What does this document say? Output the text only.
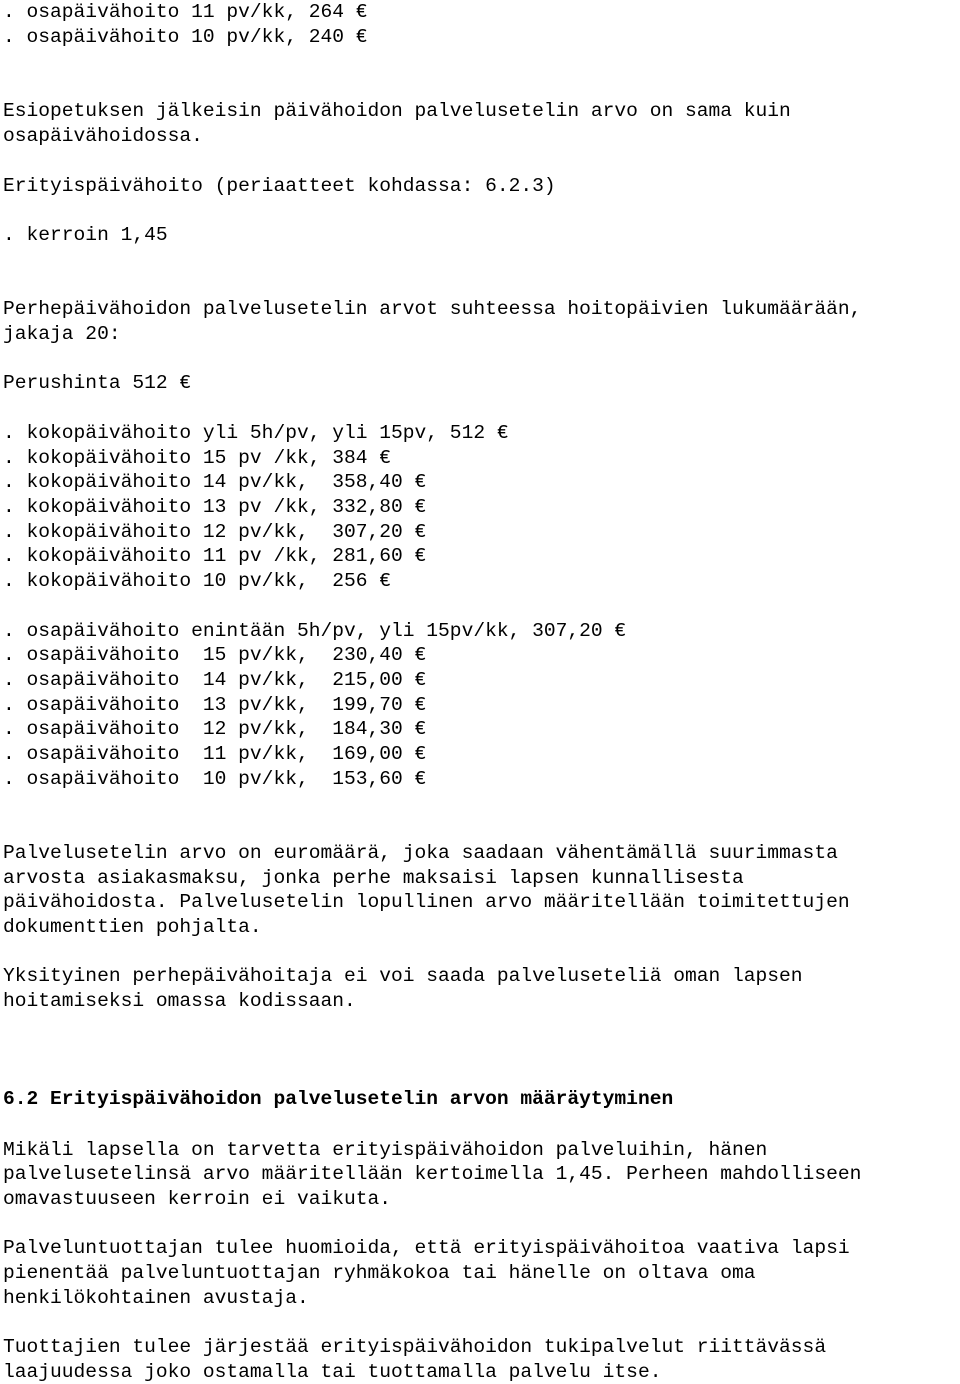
. osapäivähoito 11 pv/kk, 264 €
. osapäivähoito 10 pv/kk, 240 €
Esiopetuksen jälkeisin päivähoidon palvelusetelin arvo on sama kuin
osapäivähoidossa.
Erityispäivähoito (periaatteet kohdassa: 6.2.3)
. kerroin 1,45
Perhepäivähoidon palvelusetelin arvot suhteessa hoitopäivien lukumäärään,
jakaja 20:
Perushinta 512 €
. kokopäivähoito yli 5h/pv, yli 15pv, 512 €
. kokopäivähoito 15 pv /kk, 384 €
. kokopäivähoito 14 pv/kk,  358,40 €
. kokopäivähoito 13 pv /kk, 332,80 €
. kokopäivähoito 12 pv/kk,  307,20 €
. kokopäivähoito 11 pv /kk, 281,60 €
. kokopäivähoito 10 pv/kk,  256 €
. osapäivähoito enintään 5h/pv, yli 15pv/kk, 307,20 €
. osapäivähoito  15 pv/kk,  230,40 €
. osapäivähoito  14 pv/kk,  215,00 €
. osapäivähoito  13 pv/kk,  199,70 €
. osapäivähoito  12 pv/kk,  184,30 €
. osapäivähoito  11 pv/kk,  169,00 €
. osapäivähoito  10 pv/kk,  153,60 €
Palvelusetelin arvo on euromäärä, joka saadaan vähentämällä suurimmasta
arvosta asiakasmaksu, jonka perhe maksaisi lapsen kunnallisesta
päivähoidosta. Palvelusetelin lopullinen arvo määritellään toimitettujen
dokumenttien pohjalta.
Yksityinen perhepäivähoitaja ei voi saada palveluseteliä oman lapsen
hoitamiseksi omassa kodissaan.
6.2 Erityispäivähoidon palvelusetelin arvon määräytyminen
Mikäli lapsella on tarvetta erityispäivähoidon palveluihin, hänen
palvelusetelinsä arvo määritellään kertoimella 1,45. Perheen mahdolliseen
omavastuuseen kerroin ei vaikuta.
Palveluntuottajan tulee huomioida, että erityispäivähoitoa vaativa lapsi
pienentää palveluntuottajan ryhmäkokoa tai hänelle on oltava oma
henkilökohtainen avustaja.
Tuottajien tulee järjestää erityispäivähoidon tukipalvelut riittävässä
laajuudessa joko ostamalla tai tuottamalla palvelu itse.
